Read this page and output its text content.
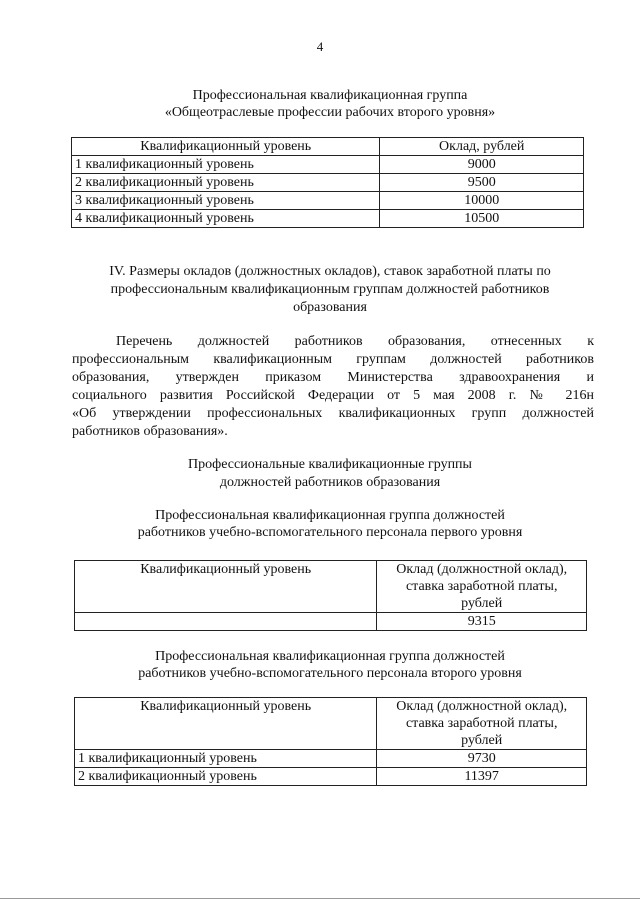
4
Профессиональная квалификационная группа
«Общеотраслевые профессии рабочих второго уровня»
Квалификационный уровень	Оклад, рублей
1 квалификационный уровень	9000
2 квалификационный уровень	9500
3 квалификационный уровень	10000
4 квалификационный уровень	10500
IV. Размеры окладов (должностных окладов), ставок заработной платы по
профессиональным квалификационным группам должностей работников
образования
Перечень должностей работников образования, отнесенных к
профессиональным квалификационным группам должностей работников
образования, утвержден приказом Министерства здравоохранения и
социального развития Российской Федерации от 5 мая 2008 г. № 216н
«Об утверждении профессиональных квалификационных групп должностей
работников образования».
Профессиональные квалификационные группы
должностей работников образования
Профессиональная квалификационная группа должностей
работников учебно-вспомогательного персонала первого уровня
Квалификационный уровень	Оклад (должностной оклад),
ставка заработной платы,
рублей

	9315
Профессиональная квалификационная группа должностей
работников учебно-вспомогательного персонала второго уровня
Квалификационный уровень	Оклад (должностной оклад),
ставка заработной платы,
рублей

1 квалификационный уровень	9730
2 квалификационный уровень	11397
